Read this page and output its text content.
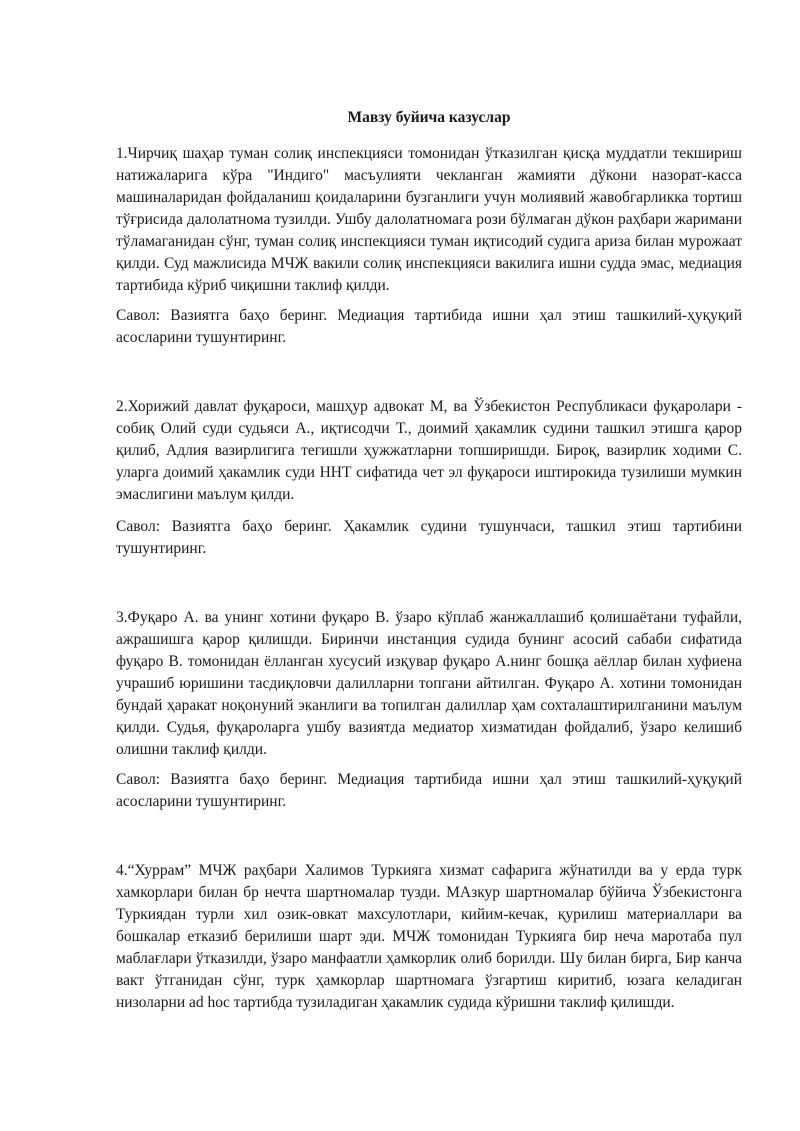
Мавзу буйича казуслар

1.Чирчиқ шаҳар туман солиқ инспекцияси томонидан ўтказилган қисқа муддатли текшириш натижаларига кўра "Индиго" масъулияти чекланган жамияти дўкони назорат-касса машиналаридан фойдаланиш қоидаларини бузганлиги учун молиявий жавобгарликка тортиш тўғрисида далолатнома тузилди. Ушбу далолатномага рози бўлмаган дўкон раҳбари жаримани тўламаганидан сўнг, туман солиқ инспекцияси туман иқтисодий судига ариза билан мурожаат қилди. Суд мажлисида МЧЖ вакили солиқ инспекцияси вакилига ишни судда эмас, медиация тартибида кўриб чиқишни таклиф қилди.

Савол: Вазиятга баҳо беринг. Медиация тартибида ишни ҳал этиш ташкилий-ҳуқуқий асосларини тушунтиринг.

2.Хорижий давлат фуқароси, машҳур адвокат М, ва Ўзбекистон Республикаси фуқаролари - собиқ Олий суди судьяси А., иқтисодчи Т., доимий ҳакамлик судини ташкил этишга қарор қилиб, Адлия вазирлигига тегишли ҳужжатларни топширишди. Бироқ, вазирлик ходими С. уларга доимий ҳакамлик суди ННТ сифатида чет эл фуқароси иштирокида тузилиши мумкин эмаслигини маълум қилди.

Савол: Вазиятга баҳо беринг. Ҳакамлик судини тушунчаси, ташкил этиш тартибини тушунтиринг.

3.Фуқаро А. ва унинг хотини фуқаро В. ўзаро кўплаб жанжаллашиб қолишаётани туфайли, ажрашишга қарор қилишди. Биринчи инстанция судида бунинг асосий сабаби сифатида фуқаро В. томонидан ёлланган хусусий изқувар фуқаро А.нинг бошқа аёллар билан хуфиена учрашиб юришини тасдиқловчи далилларни топгани айтилган. Фуқаро А. хотини томонидан бундай ҳаракат ноқонуний эканлиги ва топилган далиллар ҳам сохталаштирилганини маълум қилди. Судья, фуқароларга ушбу вазиятда медиатор хизматидан фойдалиб, ўзаро келишиб олишни таклиф қилди.

Савол: Вазиятга баҳо беринг. Медиация тартибида ишни ҳал этиш ташкилий-ҳуқуқий асосларини тушунтиринг.

4.“Хуррам” МЧЖ раҳбари Халимов Туркияга хизмат сафарига жўнатилди ва у ерда турк хамкорлари билан бр нечта шартномалар тузди. МАзкур шартномалар бўйича Ўзбекистонга Туркиядан турли хил озик-овкат махсулотлари, кийим-кечак, қурилиш материаллари ва бошкалар етказиб берилиши шарт эди. МЧЖ томонидан Туркияга бир неча маротаба пул маблағлари ўтказилди, ўзаро манфаатли ҳамкорлик олиб борилди. Шу билан бирга, Бир канча вакт ўтганидан сўнг, турк ҳамкорлар шартномага ўзгартиш киритиб, юзага келадиган низоларни ad hoc тартибда тузиладиган ҳакамлик судида кўришни таклиф қилишди.
